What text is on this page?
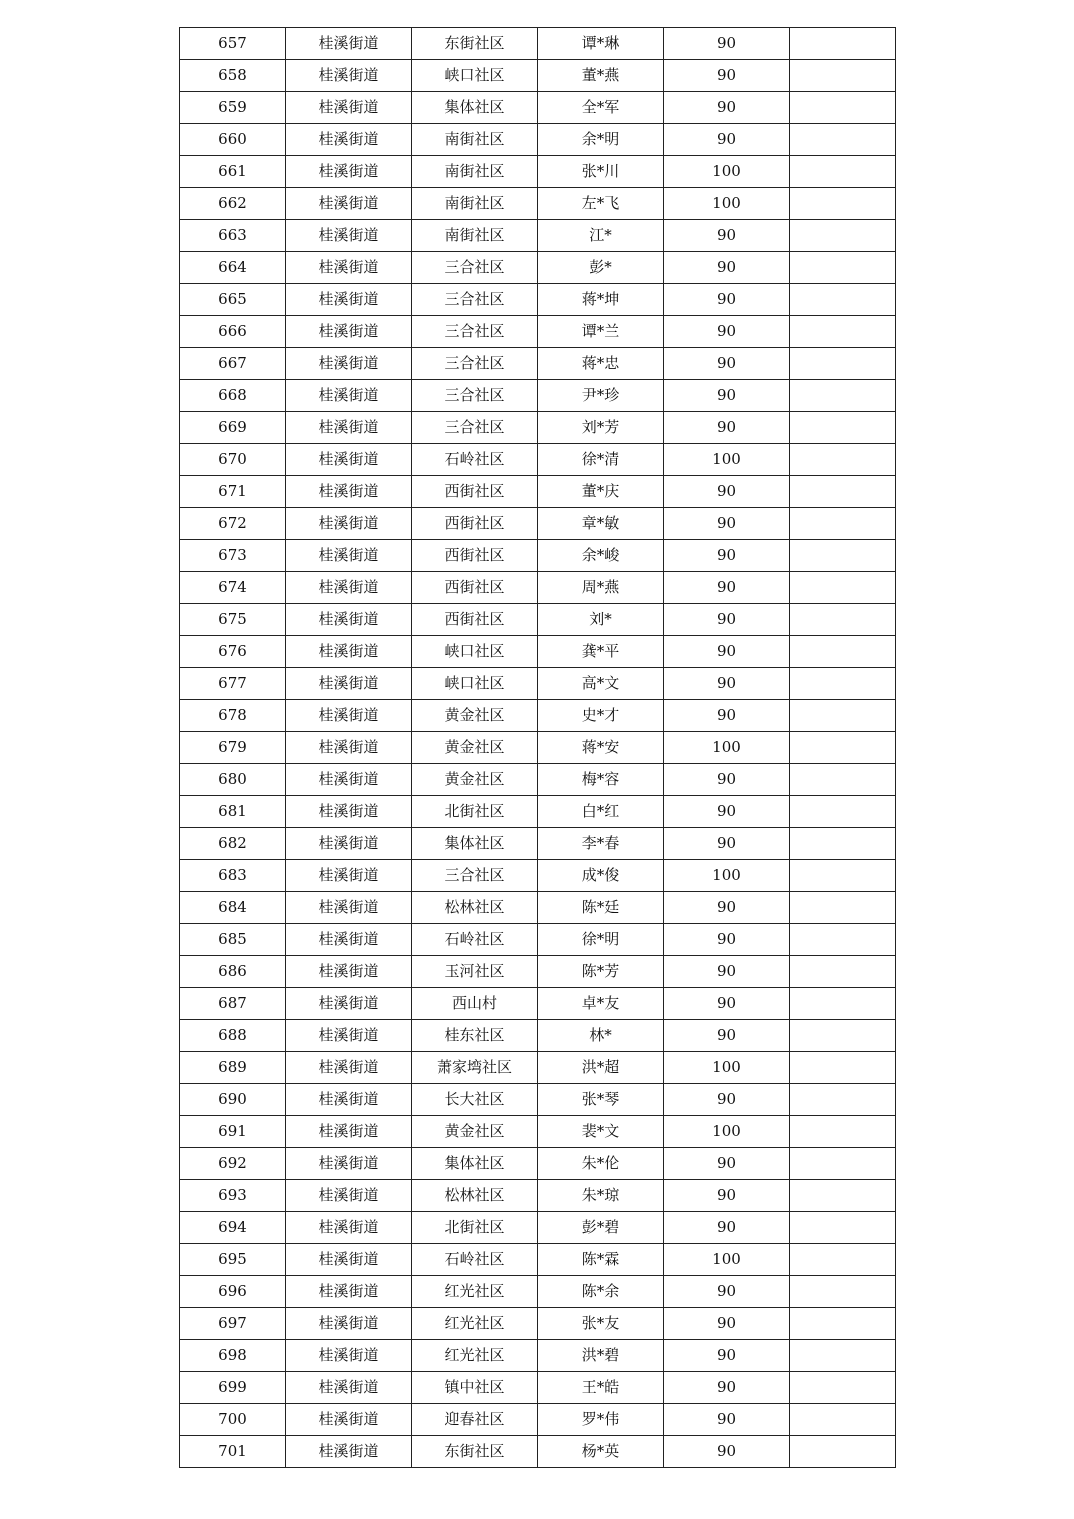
657	桂溪街道	东街社区	谭*琳	90	
658	桂溪街道	峡口社区	董*燕	90	
659	桂溪街道	集体社区	全*军	90	
660	桂溪街道	南街社区	余*明	90	
661	桂溪街道	南街社区	张*川	100	
662	桂溪街道	南街社区	左*飞	100	
663	桂溪街道	南街社区	江*	90	
664	桂溪街道	三合社区	彭*	90	
665	桂溪街道	三合社区	蒋*坤	90	
666	桂溪街道	三合社区	谭*兰	90	
667	桂溪街道	三合社区	蒋*忠	90	
668	桂溪街道	三合社区	尹*珍	90	
669	桂溪街道	三合社区	刘*芳	90	
670	桂溪街道	石岭社区	徐*清	100	
671	桂溪街道	西街社区	董*庆	90	
672	桂溪街道	西街社区	章*敏	90	
673	桂溪街道	西街社区	余*峻	90	
674	桂溪街道	西街社区	周*燕	90	
675	桂溪街道	西街社区	刘*	90	
676	桂溪街道	峡口社区	龚*平	90	
677	桂溪街道	峡口社区	高*文	90	
678	桂溪街道	黄金社区	史*才	90	
679	桂溪街道	黄金社区	蒋*安	100	
680	桂溪街道	黄金社区	梅*容	90	
681	桂溪街道	北街社区	白*红	90	
682	桂溪街道	集体社区	李*春	90	
683	桂溪街道	三合社区	成*俊	100	
684	桂溪街道	松林社区	陈*廷	90	
685	桂溪街道	石岭社区	徐*明	90	
686	桂溪街道	玉河社区	陈*芳	90	
687	桂溪街道	西山村	卓*友	90	
688	桂溪街道	桂东社区	林*	90	
689	桂溪街道	萧家塆社区	洪*超	100	
690	桂溪街道	长大社区	张*琴	90	
691	桂溪街道	黄金社区	裴*文	100	
692	桂溪街道	集体社区	朱*伦	90	
693	桂溪街道	松林社区	朱*琼	90	
694	桂溪街道	北街社区	彭*碧	90	
695	桂溪街道	石岭社区	陈*霖	100	
696	桂溪街道	红光社区	陈*余	90	
697	桂溪街道	红光社区	张*友	90	
698	桂溪街道	红光社区	洪*碧	90	
699	桂溪街道	镇中社区	王*皓	90	
700	桂溪街道	迎春社区	罗*伟	90	
701	桂溪街道	东街社区	杨*英	90	
